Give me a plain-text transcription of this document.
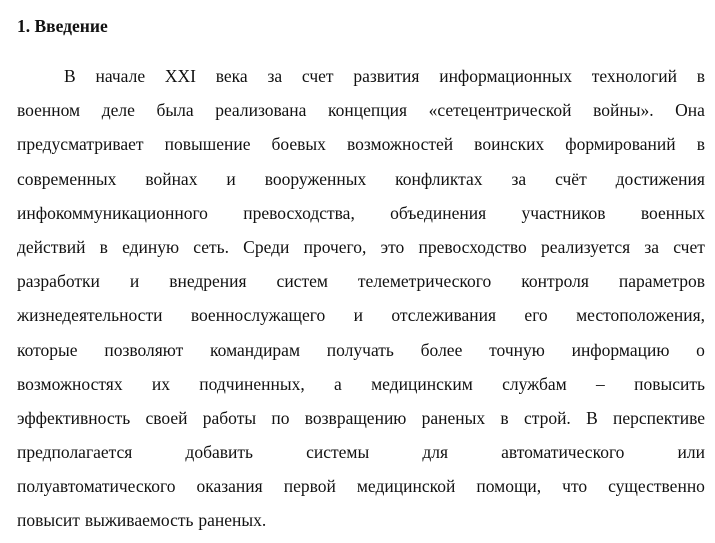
1. Введение
В начале XXI века за счет развития информационных технологий в
военном деле была реализована концепция «сетецентрической войны». Она
предусматривает повышение боевых возможностей воинских формирований в
современных войнах и вооруженных конфликтах за счёт достижения
инфокоммуникационного превосходства, объединения участников военных
действий в единую сеть. Среди прочего, это превосходство реализуется за счет
разработки и внедрения систем телеметрического контроля параметров
жизнедеятельности военнослужащего и отслеживания его местоположения,
которые позволяют командирам получать более точную информацию о
возможностях их подчиненных, а медицинским службам – повысить
эффективность своей работы по возвращению раненых в строй. В перспективе
предполагается	добавить	системы	для	автоматического	или
полуавтоматического оказания первой медицинской помощи, что существенно
повысит выживаемость раненых.
